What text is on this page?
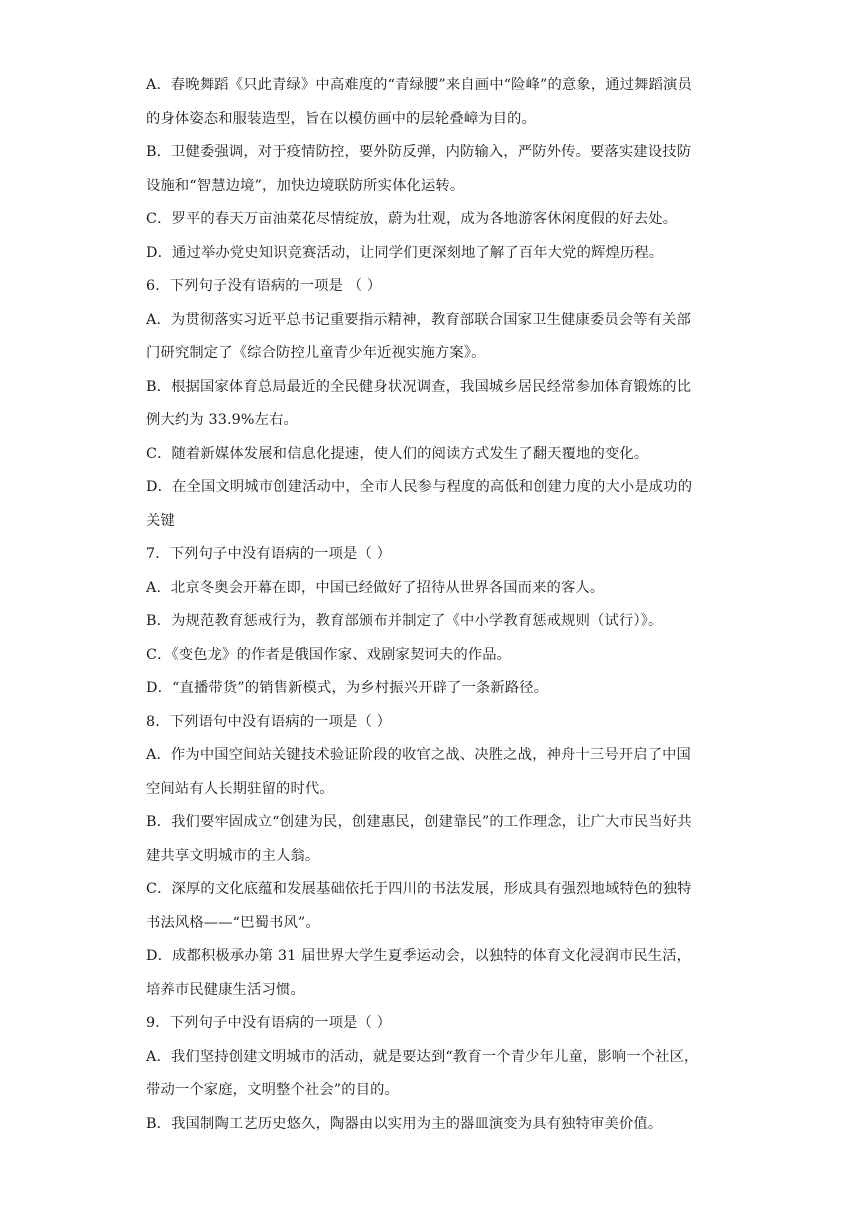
A．春晚舞蹈《只此青绿》中高难度的“青绿腰”来自画中“险峰”的意象，通过舞蹈演员
的身体姿态和服装造型，旨在以模仿画中的层轮叠嶂为目的。
B．卫健委强调，对于疫情防控，要外防反弹，内防输入，严防外传。要落实建设技防
设施和“智慧边境”，加快边境联防所实体化运转。
C．罗平的春天万亩油菜花尽情绽放，蔚为壮观，成为各地游客休闲度假的好去处。
D．通过举办党史知识竞赛活动，让同学们更深刻地了解了百年大党的辉煌历程。
6．下列句子没有语病的一项是 （ ）
A．为贯彻落实习近平总书记重要指示精神，教育部联合国家卫生健康委员会等有关部
门研究制定了《综合防控儿童青少年近视实施方案》。
B．根据国家体育总局最近的全民健身状况调查，我国城乡居民经常参加体育锻炼的比
例大约为 33.9%左右。
C．随着新媒体发展和信息化提速，使人们的阅读方式发生了翻天覆地的变化。
D．在全国文明城市创建活动中，全市人民参与程度的高低和创建力度的大小是成功的
关键
7．下列句子中没有语病的一项是（ ）
A．北京冬奥会开幕在即，中国已经做好了招待从世界各国而来的客人。
B．为规范教育惩戒行为，教育部颁布并制定了《中小学教育惩戒规则（试行）》。
C．《变色龙》的作者是俄国作家、戏剧家契诃夫的作品。
D．“直播带货”的销售新模式，为乡村振兴开辟了一条新路径。
8．下列语句中没有语病的一项是（ ）
A．作为中国空间站关键技术验证阶段的收官之战、决胜之战，神舟十三号开启了中国
空间站有人长期驻留的时代。
B．我们要牢固成立“创建为民，创建惠民，创建靠民”的工作理念，让广大市民当好共
建共享文明城市的主人翁。
C．深厚的文化底蕴和发展基础依托于四川的书法发展，形成具有强烈地域特色的独特
书法风格——“巴蜀书风”。
D．成都积极承办第 31 届世界大学生夏季运动会，以独特的体育文化浸润市民生活，
培养市民健康生活习惯。
9．下列句子中没有语病的一项是（ ）
A．我们坚持创建文明城市的活动，就是要达到“教育一个青少年儿童，影响一个社区，
带动一个家庭，文明整个社会”的目的。
B．我国制陶工艺历史悠久，陶器由以实用为主的器皿演变为具有独特审美价值。
